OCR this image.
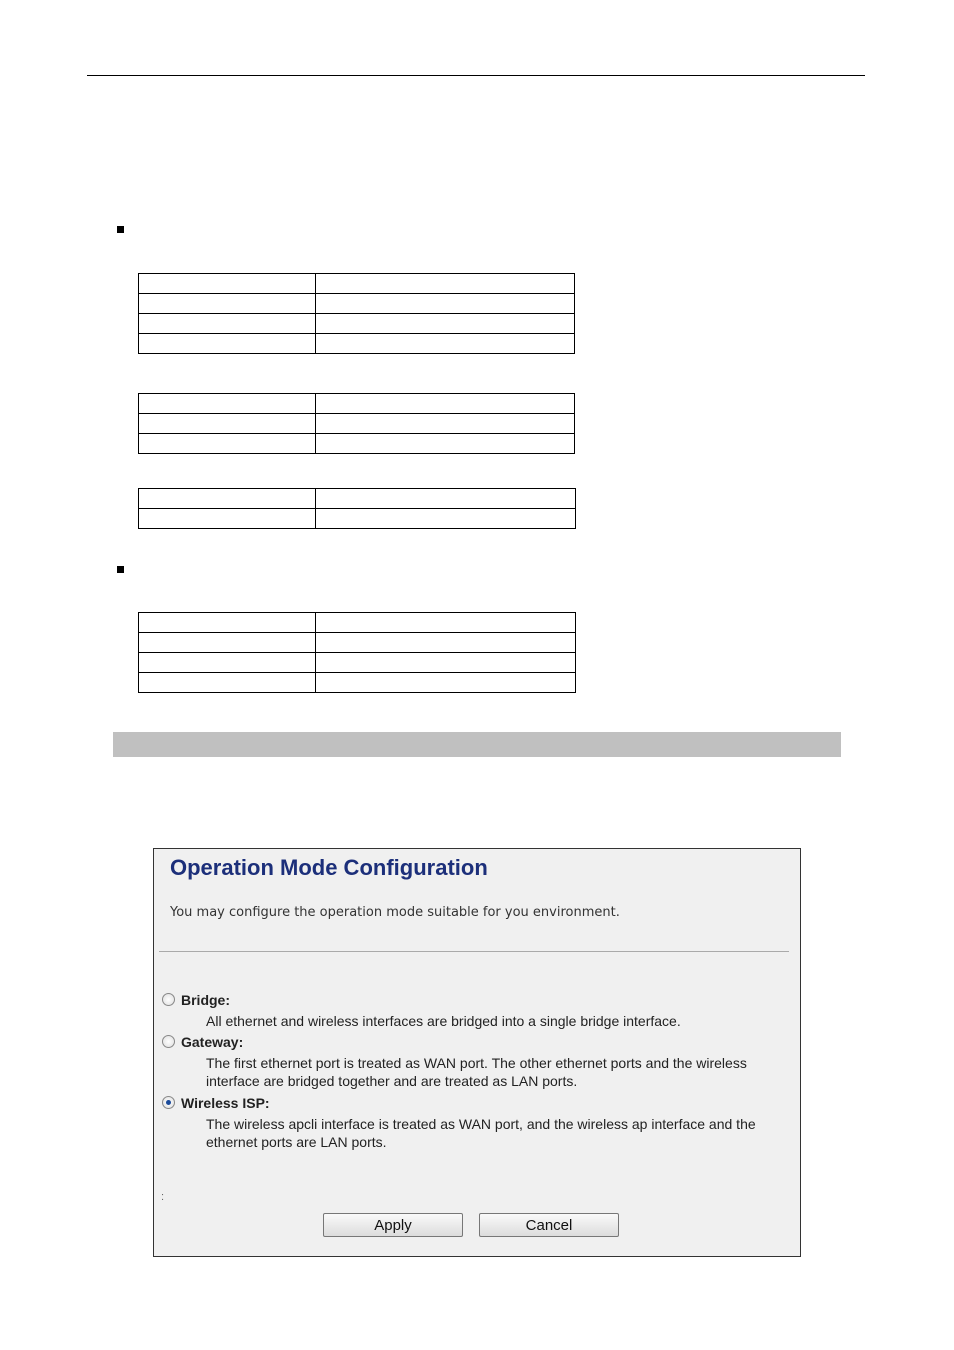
Operation Mode Configuration
You may configure the operation mode suitable for you environment.
Bridge:
All ethernet and wireless interfaces are bridged into a single bridge interface.
Gateway:
The first ethernet port is treated as WAN port. The other ethernet ports and the wireless interface are bridged together and are treated as LAN ports.
Wireless ISP:
The wireless apcli interface is treated as WAN port, and the wireless ap interface and the ethernet ports are LAN ports.
:
Apply	Cancel
